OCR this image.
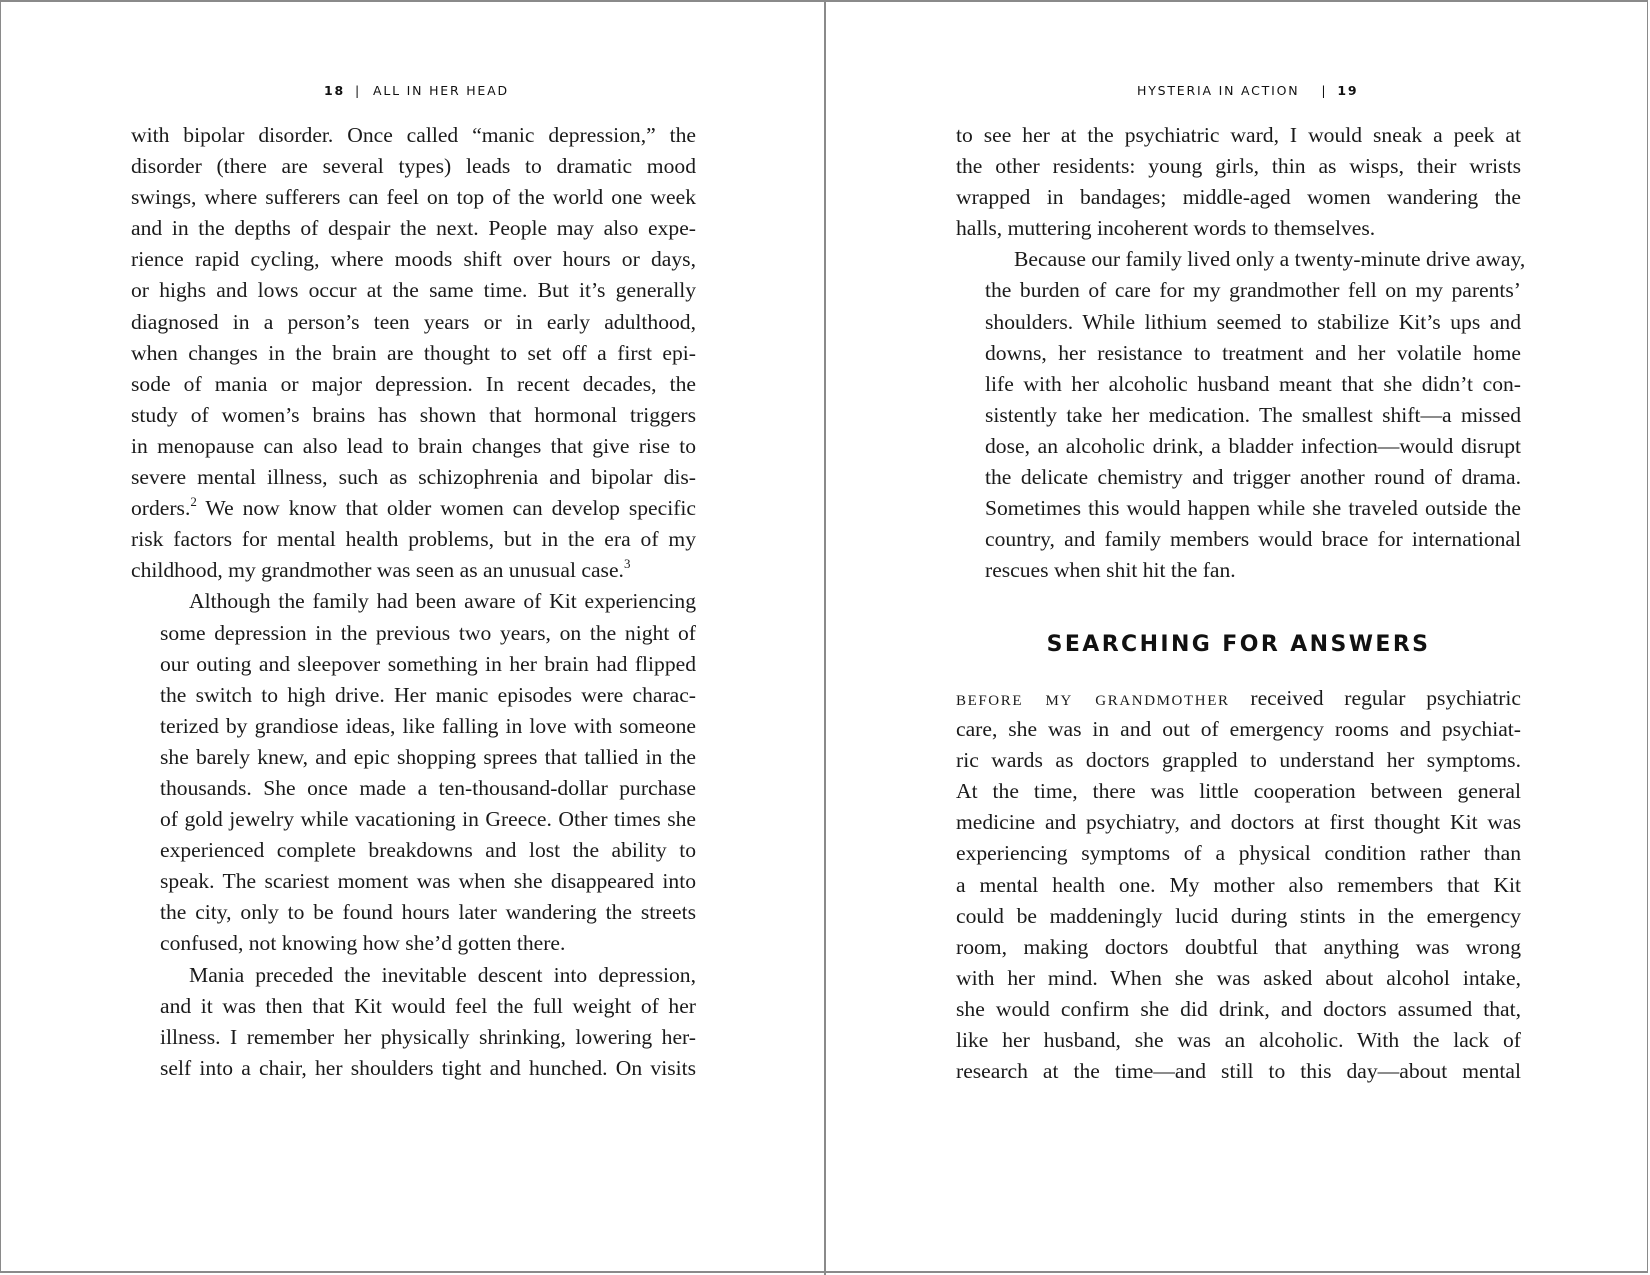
18 | ALL IN HER HEAD

with bipolar disorder. Once called “manic depression,” the
disorder (there are several types) leads to dramatic mood
swings, where sufferers can feel on top of the world one week
and in the depths of despair the next. People may also expe-
rience rapid cycling, where moods shift over hours or days,
or highs and lows occur at the same time. But it’s generally
diagnosed in a person’s teen years or in early adulthood,
when changes in the brain are thought to set off a first epi-
sode of mania or major depression. In recent decades, the
study of women’s brains has shown that hormonal triggers
in menopause can also lead to brain changes that give rise to
severe mental illness, such as schizophrenia and bipolar dis-
orders.$^2$ We now know that older women can develop specific
risk factors for mental health problems, but in the era of my
childhood, my grandmother was seen as an unusual case.$^3$

Although the family had been aware of Kit experiencing
some depression in the previous two years, on the night of
our outing and sleepover something in her brain had flipped
the switch to high drive. Her manic episodes were charac-
terized by grandiose ideas, like falling in love with someone
she barely knew, and epic shopping sprees that tallied in the
thousands. She once made a ten-thousand-dollar purchase
of gold jewelry while vacationing in Greece. Other times she
experienced complete breakdowns and lost the ability to
speak. The scariest moment was when she disappeared into
the city, only to be found hours later wandering the streets
confused, not knowing how she’d gotten there.

Mania preceded the inevitable descent into depression,
and it was then that Kit would feel the full weight of her
illness. I remember her physically shrinking, lowering her-
self into a chair, her shoulders tight and hunched. On visits

HYSTERIA IN ACTION | 19

to see her at the psychiatric ward, I would sneak a peek at
the other residents: young girls, thin as wisps, their wrists
wrapped in bandages; middle-aged women wandering the
halls, muttering incoherent words to themselves.

Because our family lived only a twenty-minute drive away,
the burden of care for my grandmother fell on my parents’
shoulders. While lithium seemed to stabilize Kit’s ups and
downs, her resistance to treatment and her volatile home
life with her alcoholic husband meant that she didn’t con-
sistently take her medication. The smallest shift—a missed
dose, an alcoholic drink, a bladder infection—would disrupt
the delicate chemistry and trigger another round of drama.
Sometimes this would happen while she traveled outside the
country, and family members would brace for international
rescues when shit hit the fan.

SEARCHING FOR ANSWERS
before my grandmother received regular psychiatric
care, she was in and out of emergency rooms and psychiat-
ric wards as doctors grappled to understand her symptoms.
At the time, there was little cooperation between general
medicine and psychiatry, and doctors at first thought Kit was
experiencing symptoms of a physical condition rather than
a mental health one. My mother also remembers that Kit
could be maddeningly lucid during stints in the emergency
room, making doctors doubtful that anything was wrong
with her mind. When she was asked about alcohol intake,
she would confirm she did drink, and doctors assumed that,
like her husband, she was an alcoholic. With the lack of
research at the time—and still to this day—about mental
